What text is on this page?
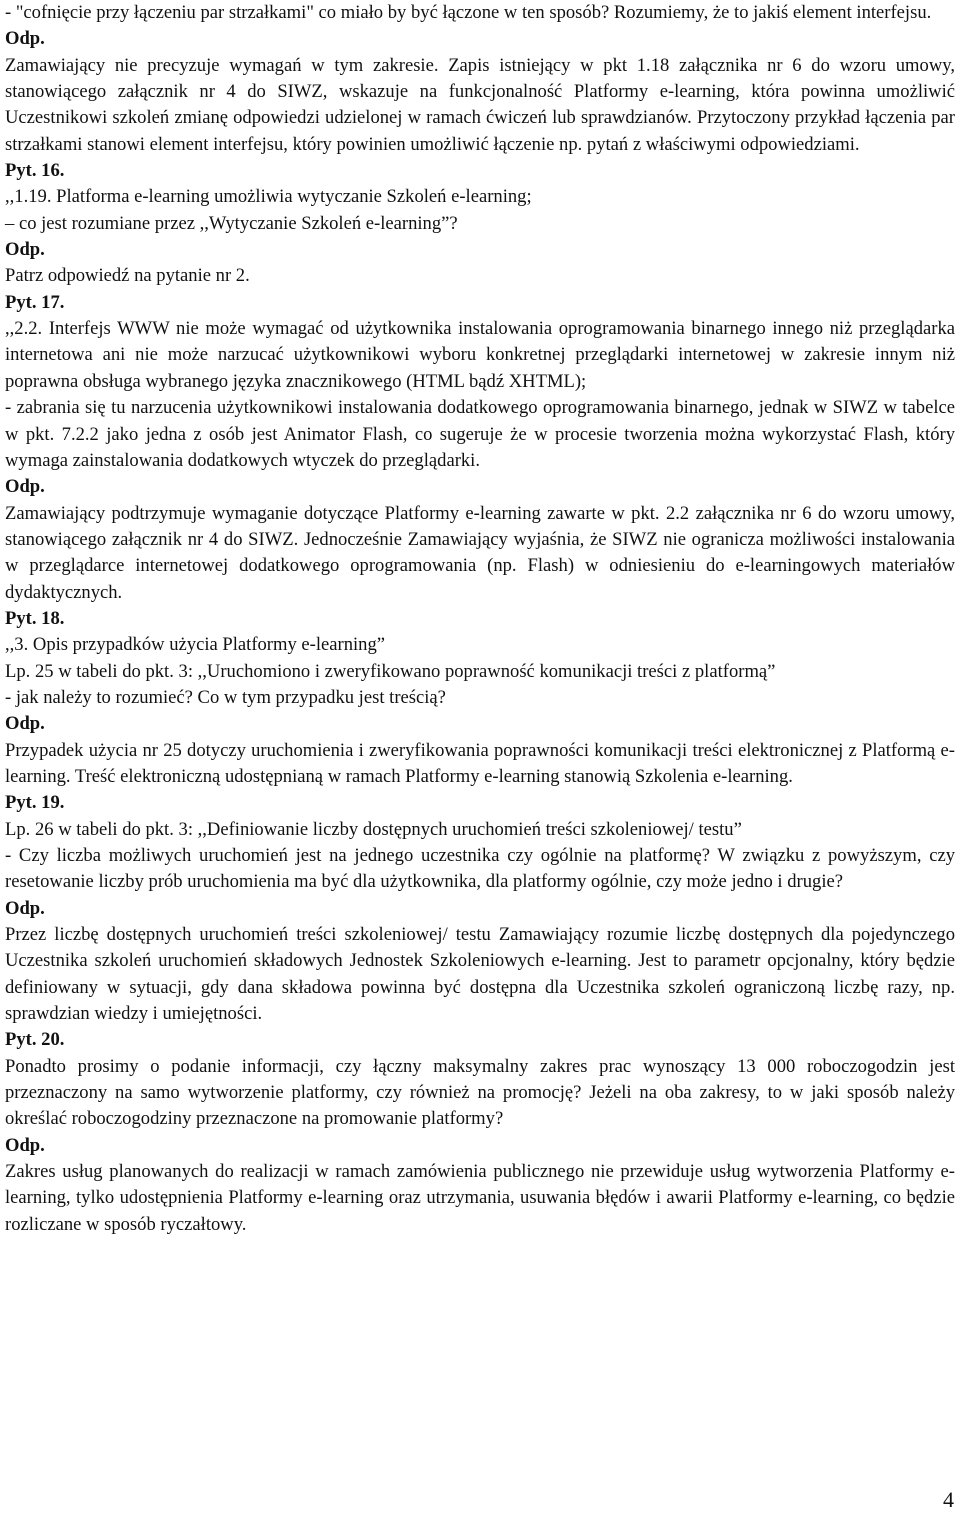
- "cofnięcie przy łączeniu par strzałkami" co miało by być łączone w ten sposób? Rozumiemy, że to jakiś element interfejsu.

Odp.

Zamawiający nie precyzuje wymagań w tym zakresie. Zapis istniejący w pkt 1.18 załącznika nr 6 do wzoru umowy, stanowiącego załącznik nr 4 do SIWZ, wskazuje na funkcjonalność Platformy e-learning, która powinna umożliwić Uczestnikowi szkoleń zmianę odpowiedzi udzielonej w ramach ćwiczeń lub sprawdzianów. Przytoczony przykład łączenia par strzałkami stanowi element interfejsu, który powinien umożliwić łączenie np. pytań z właściwymi odpowiedziami.

Pyt. 16.

,,1.19. Platforma e-learning umożliwia wytyczanie Szkoleń e-learning;

– co jest rozumiane przez ,,Wytyczanie Szkoleń e-learning”?

Odp.

Patrz odpowiedź na pytanie nr 2.

Pyt. 17.

,,2.2. Interfejs WWW nie może wymagać od użytkownika instalowania oprogramowania binarnego innego niż przeglądarka internetowa ani nie może narzucać użytkownikowi wyboru konkretnej przeglądarki internetowej w zakresie innym niż poprawna obsługa wybranego języka znacznikowego (HTML bądź XHTML);

- zabrania się tu narzucenia użytkownikowi instalowania dodatkowego oprogramowania binarnego, jednak w SIWZ w tabelce w pkt. 7.2.2 jako jedna z osób jest Animator Flash, co sugeruje że w procesie tworzenia można wykorzystać Flash, który wymaga zainstalowania dodatkowych wtyczek do przeglądarki.

Odp.

Zamawiający podtrzymuje wymaganie dotyczące Platformy e-learning zawarte w pkt. 2.2 załącznika nr 6 do wzoru umowy, stanowiącego załącznik nr 4 do SIWZ. Jednocześnie Zamawiający wyjaśnia, że SIWZ nie ogranicza możliwości instalowania w przeglądarce internetowej dodatkowego oprogramowania (np. Flash) w odniesieniu do e-learningowych materiałów dydaktycznych.

Pyt. 18.

,,3. Opis przypadków użycia Platformy e-learning”

Lp. 25 w tabeli do pkt. 3: ,,Uruchomiono i zweryfikowano poprawność komunikacji treści z platformą”

- jak należy to rozumieć? Co w tym przypadku jest treścią?

Odp.

Przypadek użycia nr 25 dotyczy uruchomienia i zweryfikowania poprawności komunikacji treści elektronicznej z Platformą e-learning. Treść elektroniczną udostępnianą w ramach Platformy e-learning stanowią Szkolenia e-learning.

Pyt. 19.

Lp. 26 w tabeli do pkt. 3: ,,Definiowanie liczby dostępnych uruchomień treści szkoleniowej/ testu”

- Czy liczba możliwych uruchomień jest na jednego uczestnika czy ogólnie na platformę? W związku z powyższym, czy resetowanie liczby prób uruchomienia ma być dla użytkownika, dla platformy ogólnie, czy może jedno i drugie?

Odp.

Przez liczbę dostępnych uruchomień treści szkoleniowej/ testu Zamawiający rozumie liczbę dostępnych dla pojedynczego Uczestnika szkoleń uruchomień składowych Jednostek Szkoleniowych e-learning. Jest to parametr opcjonalny, który będzie definiowany w sytuacji, gdy dana składowa powinna być dostępna dla Uczestnika szkoleń ograniczoną liczbę razy, np. sprawdzian wiedzy i umiejętności.

Pyt. 20.

Ponadto prosimy o podanie informacji, czy łączny maksymalny zakres prac wynoszący 13 000 roboczogodzin jest przeznaczony na samo wytworzenie platformy, czy również na promocję? Jeżeli na oba zakresy, to w jaki sposób należy określać roboczogodziny przeznaczone na promowanie platformy?

Odp.

Zakres usług planowanych do realizacji w ramach zamówienia publicznego nie przewiduje usług wytworzenia Platformy e-learning, tylko udostępnienia Platformy e-learning oraz utrzymania, usuwania błędów i awarii Platformy e-learning, co będzie rozliczane w sposób ryczałtowy.

4
